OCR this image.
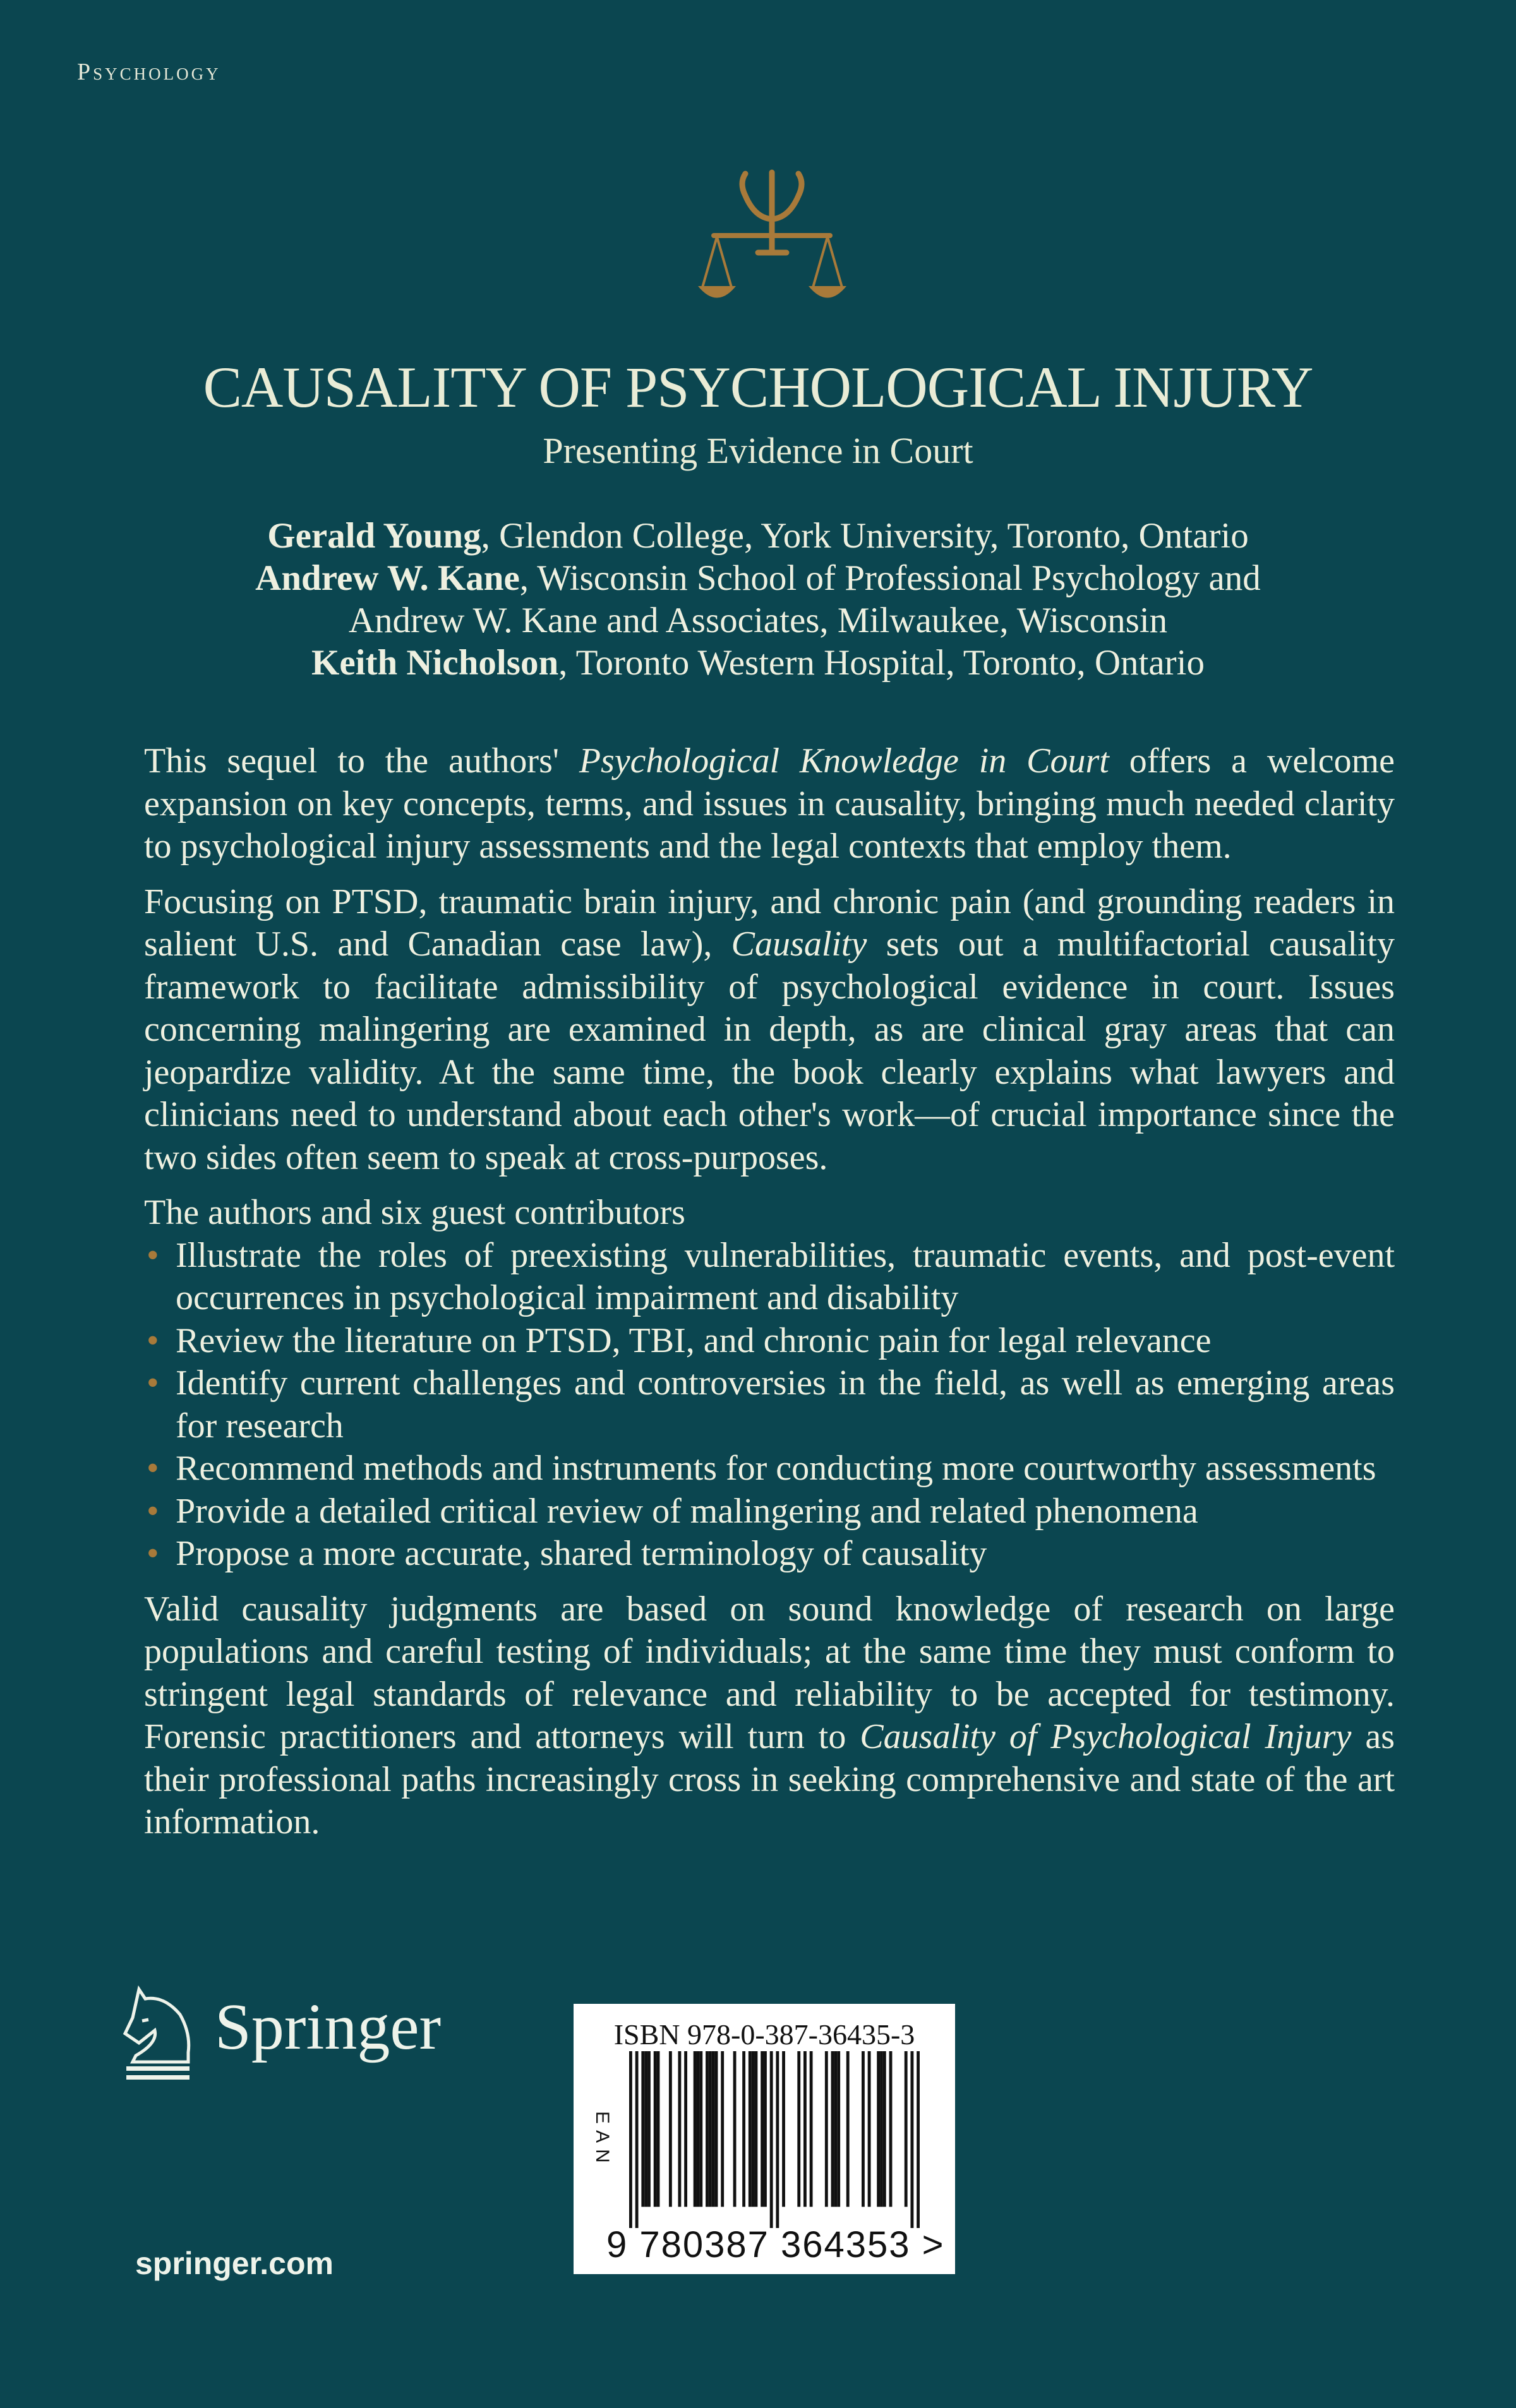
Psychology
CAUSALITY OF PSYCHOLOGICAL INJURY
Presenting Evidence in Court
Gerald Young, Glendon College, York University, Toronto, Ontario
Andrew W. Kane, Wisconsin School of Professional Psychology and
Andrew W. Kane and Associates, Milwaukee, Wisconsin
Keith Nicholson, Toronto Western Hospital, Toronto, Ontario

This sequel to the authors' Psychological Knowledge in Court offers a welcome expansion on key concepts, terms, and issues in causality, bringing much needed clarity to psychological injury assessments and the legal contexts that employ them.

Focusing on PTSD, traumatic brain injury, and chronic pain (and grounding readers in salient U.S. and Canadian case law), Causality sets out a multifactorial causality framework to facilitate admissibility of psychological evidence in court. Issues concerning malingering are examined in depth, as are clinical gray areas that can jeopardize validity. At the same time, the book clearly explains what lawyers and clinicians need to understand about each other's work—of crucial importance since the two sides often seem to speak at cross-purposes.

The authors and six guest contributors
• Illustrate the roles of preexisting vulnerabilities, traumatic events, and post-event occurrences in psychological impairment and disability
• Review the literature on PTSD, TBI, and chronic pain for legal relevance
• Identify current challenges and controversies in the field, as well as emerging areas for research
• Recommend methods and instruments for conducting more courtworthy assessments
• Provide a detailed critical review of malingering and related phenomena
• Propose a more accurate, shared terminology of causality

Valid causality judgments are based on sound knowledge of research on large populations and careful testing of individuals; at the same time they must conform to stringent legal standards of relevance and reliability to be accepted for testimony. Forensic practitioners and attorneys will turn to Causality of Psychological Injury as their professional paths increasingly cross in seeking comprehensive and state of the art information.

Springer
springer.com
ISBN 978-0-387-36435-3
EAN
9 780387 364353 >
